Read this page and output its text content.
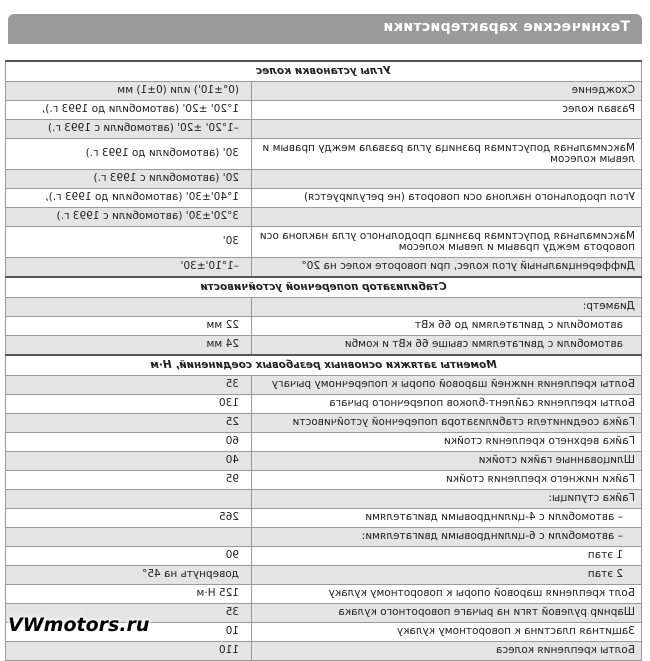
Технические характеристики
Углы установки колес	
Схождение	(0°±10') или (0±1) мм
Развал колес	1°20' ±20' (автомобили до 1993 г.),
	–1°20' ±20' (автомобили с 1993 г.)
Максимальная допустимая разница угла развала между правым и левым колесом	30' (автомобили до 1993 г.)
	20' (автомобили с 1993 г.)
Угол продольного наклона оси поворота (не регулируется)	1°40'±30' (автомобили до 1993 г.),
	3°20'±30' (автомобили с 1993 г.)
Максимальная допустимая разница продольного угла наклона оси поворота между правым и левым колесом	30'
Дифференциальный угол колес, при повороте колес на 20°	–1°10'±30'
Стабилизатор поперечной устойчивости	
Диаметр:	
автомобили с двигателями до 66 кВт	22 мм
автомобили с двигателями свыше 66 кВт и комби	24 мм
Моменты затяжки основных резьбовых соединений, Н·м	
Болты крепления нижней шаровой опоры к поперечному рычагу	35
Болты крепления сайлент-блоков поперечного рычага	130
Гайка соединителя стабилизатора поперечной устойчивости	25
Гайка верхнего крепления стойки	60
Шлицованные гайки стойки	40
Гайки нижнего крепления стойки	95
Гайка ступицы:	
– автомобили с 4-цилиндровыми двигателями	265
– автомобили с 6-цилиндровыми двигателями:	
1 этап	90
2 этап	довернуть на 45°
Болт крепления шаровой опоры к поворотному кулаку	125 Н·м
Шарнир рулевой тяги на рычаге поворотного кулака	35
Защитная пластина к поворотному кулаку	10
Болты крепления колеса	110
VWmotors.ru
